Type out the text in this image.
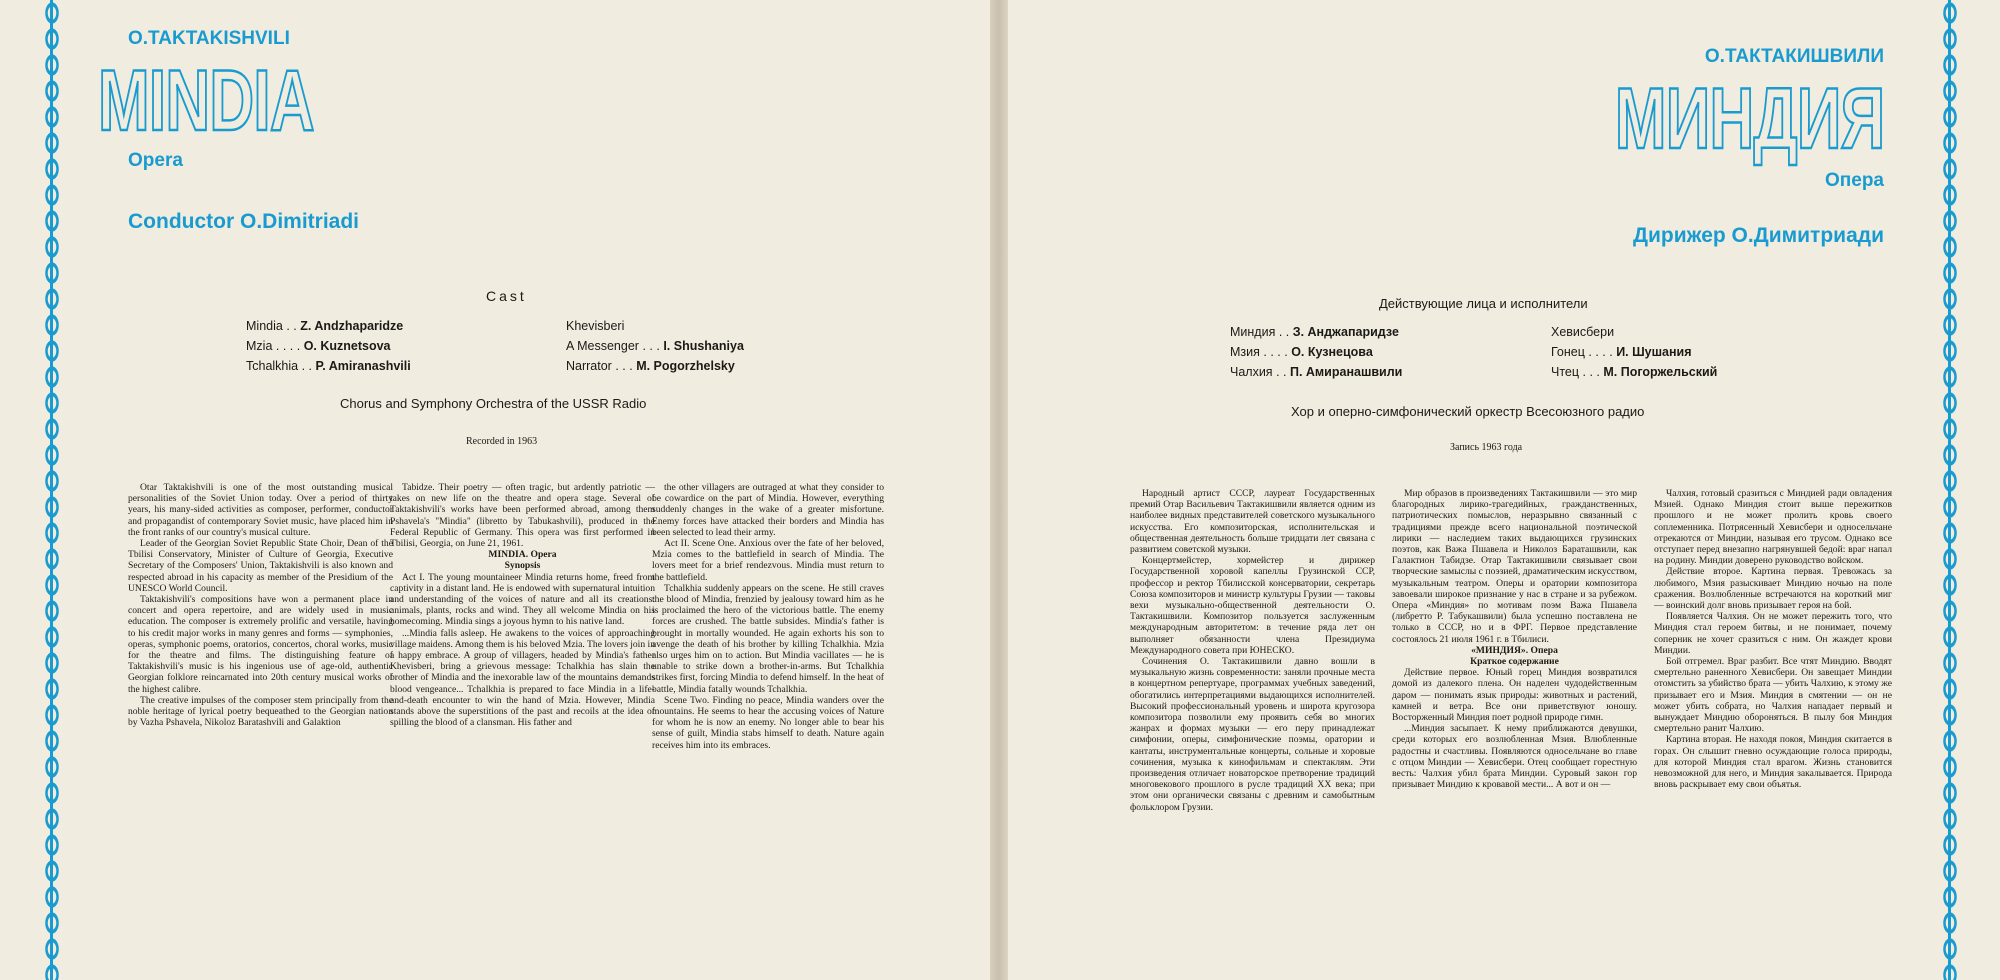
O.TAKTAKISHVILI
MINDIA
Opera
Conductor O.Dimitriadi
Cast
Mindia . . Z. Andzhaparidze
Mzia . . . . O. Kuznetsova
Tchalkhia . . P. Amiranashvili
Khevisberi
A Messenger . . . I. Shushaniya
Narrator . . . M. Pogorzhelsky
Chorus and Symphony Orchestra of the USSR Radio
Recorded in 1963

Otar Taktakishvili is one of the most outstanding musical personalities of the Soviet Union today. Over a period of thirty years, his many-sided activities as composer, performer, conductor and propagandist of contemporary Soviet music, have placed him in the front ranks of our country's musical culture.

Leader of the Georgian Soviet Republic State Choir, Dean of the Tbilisi Conservatory, Minister of Culture of Georgia, Executive Secretary of the Composers' Union, Taktakishvili is also known and respected abroad in his capacity as member of the Presidium of the UNESCO World Council.

Taktakishvili's compositions have won a permanent place in concert and opera repertoire, and are widely used in music education. The composer is extremely prolific and versatile, having to his credit major works in many genres and forms — symphonies, operas, symphonic poems, oratorios, concertos, choral works, music for the theatre and films. The distinguishing feature of Taktakishvili's music is his ingenious use of age-old, authentic Georgian folklore reincarnated into 20th century musical works of the highest calibre.

The creative impulses of the composer stem principally from the noble heritage of lyrical poetry bequeathed to the Georgian nation by Vazha Pshavela, Nikoloz Baratashvili and Galaktion

Tabidze. Their poetry — often tragic, but ardently patriotic — takes on new life on the theatre and opera stage. Several of Taktakishvili's works have been performed abroad, among them Pshavela's "Mindia" (libretto by Tabukashvili), produced in the Federal Republic of Germany. This opera was first performed in Tbilisi, Georgia, on June 21, 1961.

MINDIA. Opera

Synopsis

Act I. The young mountaineer Mindia returns home, freed from captivity in a distant land. He is endowed with supernatural intuition and understanding of the voices of nature and all its creations: animals, plants, rocks and wind. They all welcome Mindia on his homecoming. Mindia sings a joyous hymn to his native land.

...Mindia falls asleep. He awakens to the voices of approaching village maidens. Among them is his beloved Mzia. The lovers join in a happy embrace. A group of villagers, headed by Mindia's father Khevisberi, bring a grievous message: Tchalkhia has slain the brother of Mindia and the inexorable law of the mountains demands blood vengeance... Tchalkhia is prepared to face Mindia in a life-and-death encounter to win the hand of Mzia. However, Mindia stands above the superstitions of the past and recoils at the idea of spilling the blood of a clansman. His father and

the other villagers are outraged at what they consider to be cowardice on the part of Mindia. However, everything suddenly changes in the wake of a greater misfortune. Enemy forces have attacked their borders and Mindia has been selected to lead their army.

Act II. Scene One. Anxious over the fate of her beloved, Mzia comes to the battlefield in search of Mindia. The lovers meet for a brief rendezvous. Mindia must return to the battlefield.

Tchalkhia suddenly appears on the scene. He still craves the blood of Mindia, frenzied by jealousy toward him as he is proclaimed the hero of the victorious battle. The enemy forces are crushed. The battle subsides. Mindia's father is brought in mortally wounded. He again exhorts his son to avenge the death of his brother by killing Tchalkhia. Mzia also urges him on to action. But Mindia vacillates — he is unable to strike down a brother-in-arms. But Tchalkhia strikes first, forcing Mindia to defend himself. In the heat of battle, Mindia fatally wounds Tchalkhia.

Scene Two. Finding no peace, Mindia wanders over the mountains. He seems to hear the accusing voices of Nature for whom he is now an enemy. No longer able to bear his sense of guilt, Mindia stabs himself to death. Nature again receives him into its embraces.

О.ТАКТАКИШВИЛИ
МИНДИЯ
Опера
Дирижер О.Димитриади
Действующие лица и исполнители
Миндия . . З. Анджапаридзе
Мзия . . . . О. Кузнецова
Чалхия . . П. Амиранашвили
Хевисбери
Гонец . . . . И. Шушания
Чтец . . . М. Погоржельский
Хор и оперно-симфонический оркестр Всесоюзного радио
Запись 1963 года

Народный артист СССР, лауреат Государственных премий Отар Васильевич Тактакишвили является одним из наиболее видных представителей советского музыкального искусства. Его композиторская, исполнительская и общественная деятельность больше тридцати лет связана с развитием советской музыки.

Концертмейстер, хормейстер и дирижер Государственной хоровой капеллы Грузинской ССР, профессор и ректор Тбилисской консерватории, секретарь Союза композиторов и министр культуры Грузии — таковы вехи музыкально-общественной деятельности О. Тактакишвили. Композитор пользуется заслуженным международным авторитетом: в течение ряда лет он выполняет обязанности члена Президиума Международного совета при ЮНЕСКО.

Сочинения О. Тактакишвили давно вошли в музыкальную жизнь современности: заняли прочные места в концертном репертуаре, программах учебных заведений, обогатились интерпретациями выдающихся исполнителей. Высокий профессиональный уровень и широта кругозора композитора позволили ему проявить себя во многих жанрах и формах музыки — его перу принадлежат симфонии, оперы, симфонические поэмы, оратории и кантаты, инструментальные концерты, сольные и хоровые сочинения, музыка к кинофильмам и спектаклям. Эти произведения отличает новаторское претворение традиций многовекового прошлого в русле традиций XX века; при этом они органически связаны с древним и самобытным фольклором Грузии.

Мир образов в произведениях Тактакишвили — это мир благородных лирико-трагедийных, гражданственных, патриотических помыслов, неразрывно связанный с традициями прежде всего национальной поэтической лирики — наследием таких выдающихся грузинских поэтов, как Важа Пшавела и Николоз Бараташвили, как Галактион Табидзе. Отар Тактакишвили связывает свои творческие замыслы с поэзией, драматическим искусством, музыкальным театром. Оперы и оратории композитора завоевали широкое признание у нас в стране и за рубежом. Опера «Миндия» по мотивам поэм Важа Пшавела (либретто Р. Табукашвили) была успешно поставлена не только в СССР, но и в ФРГ. Первое представление состоялось 21 июля 1961 г. в Тбилиси.

«МИНДИЯ». Опера

Краткое содержание

Действие первое. Юный горец Миндия возвратился домой из далекого плена. Он наделен чудодейственным даром — понимать язык природы: животных и растений, камней и ветра. Все они приветствуют юношу. Восторженный Миндия поет родной природе гимн.

...Миндия засыпает. К нему приближаются девушки, среди которых его возлюбленная Мзия. Влюбленные радостны и счастливы. Появляются односельчане во главе с отцом Миндии — Хевисбери. Отец сообщает горестную весть: Чалхия убил брата Миндии. Суровый закон гор призывает Миндию к кровавой мести... А вот и он —

Чалхия, готовый сразиться с Миндией ради овладения Мзией. Однако Миндия стоит выше пережитков прошлого и не может пролить кровь своего соплеменника. Потрясенный Хевисбери и односельчане отрекаются от Миндии, называя его трусом. Однако все отступает перед внезапно нагрянувшей бедой: враг напал на родину. Миндии доверено руководство войском.

Действие второе. Картина первая. Тревожась за любимого, Мзия разыскивает Миндию ночью на поле сражения. Возлюбленные встречаются на короткий миг — воинский долг вновь призывает героя на бой.

Появляется Чалхия. Он не может пережить того, что Миндия стал героем битвы, и не понимает, почему соперник не хочет сразиться с ним. Он жаждет крови Миндии.

Бой отгремел. Враг разбит. Все чтят Миндию. Вводят смертельно раненного Хевисбери. Он завещает Миндии отомстить за убийство брата — убить Чалхию, к этому же призывает его и Мзия. Миндия в смятении — он не может убить собрата, но Чалхия нападает первый и вынуждает Миндию обороняться. В пылу боя Миндия смертельно ранит Чалхию.

Картина вторая. Не находя покоя, Миндия скитается в горах. Он слышит гневно осуждающие голоса природы, для которой Миндия стал врагом. Жизнь становится невозможной для него, и Миндия закалывается. Природа вновь раскрывает ему свои объятья.
